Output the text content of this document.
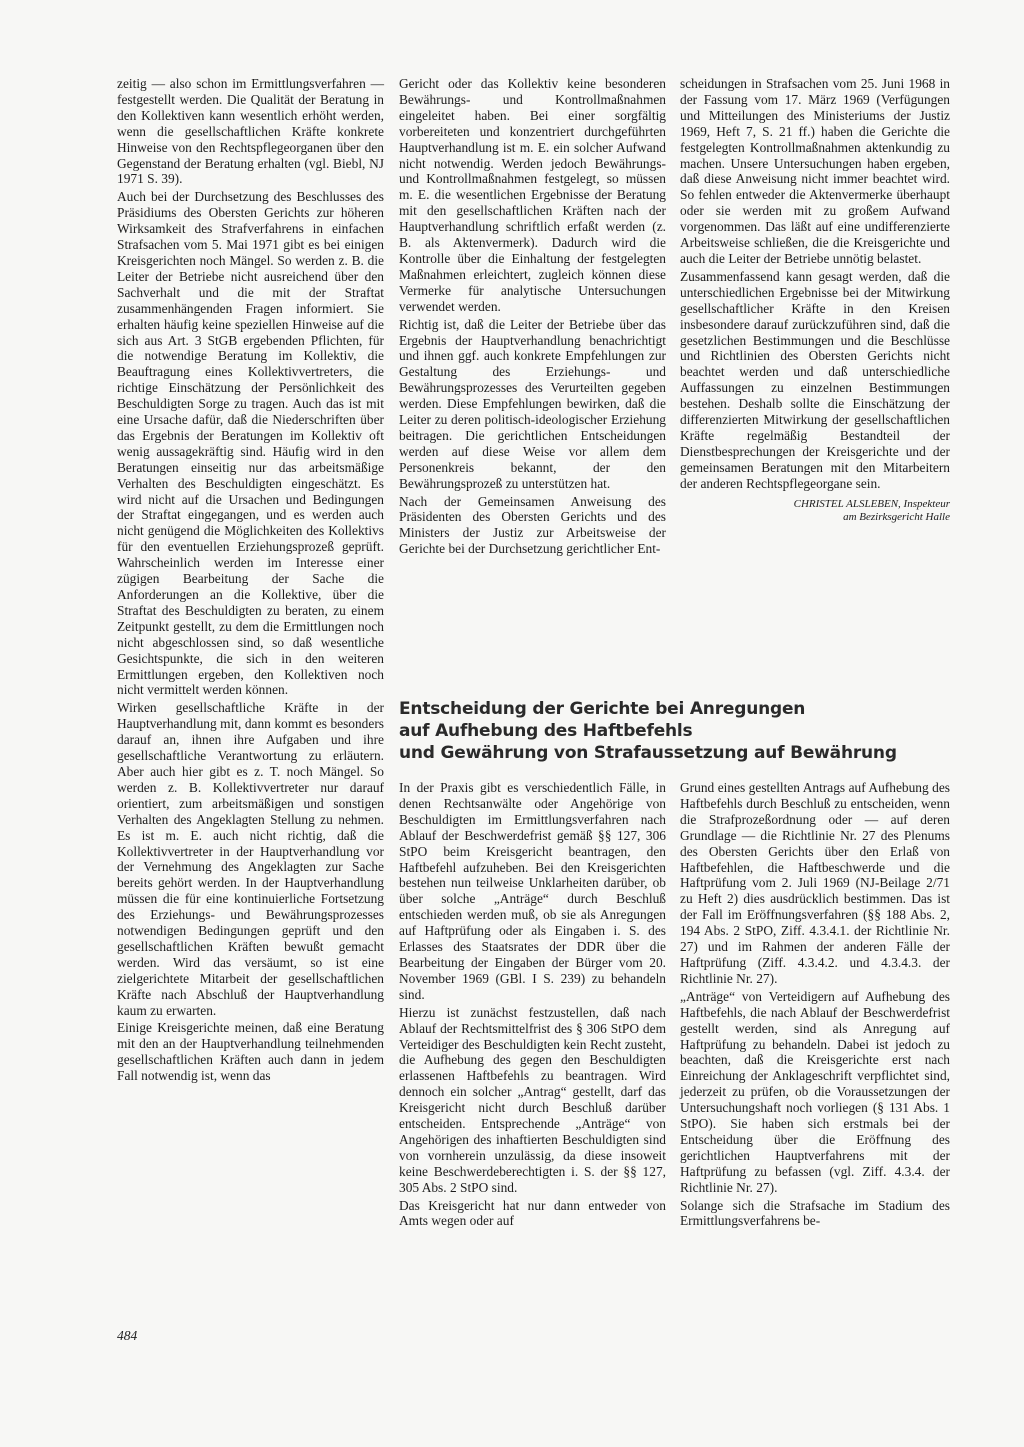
zeitig — also schon im Ermittlungsverfahren — festgestellt werden. Die Qualität der Beratung in den Kollektiven kann wesentlich erhöht werden, wenn die gesellschaftlichen Kräfte konkrete Hinweise von den Rechtspflegeorganen über den Gegenstand der Beratung erhalten (vgl. Biebl, NJ 1971 S. 39).

Auch bei der Durchsetzung des Beschlusses des Präsidiums des Obersten Gerichts zur höheren Wirksamkeit des Strafverfahrens in einfachen Strafsachen vom 5. Mai 1971 gibt es bei einigen Kreisgerichten noch Mängel. So werden z. B. die Leiter der Betriebe nicht ausreichend über den Sachverhalt und die mit der Straftat zusammenhängenden Fragen informiert. Sie erhalten häufig keine speziellen Hinweise auf die sich aus Art. 3 StGB ergebenden Pflichten, für die notwendige Beratung im Kollektiv, die Beauftragung eines Kollektivvertreters, die richtige Einschätzung der Persönlichkeit des Beschuldigten Sorge zu tragen. Auch das ist mit eine Ursache dafür, daß die Niederschriften über das Ergebnis der Beratungen im Kollektiv oft wenig aussagekräftig sind. Häufig wird in den Beratungen einseitig nur das arbeitsmäßige Verhalten des Beschuldigten eingeschätzt. Es wird nicht auf die Ursachen und Bedingungen der Straftat eingegangen, und es werden auch nicht genügend die Möglichkeiten des Kollektivs für den eventuellen Erziehungsprozeß geprüft. Wahrscheinlich werden im Interesse einer zügigen Bearbeitung der Sache die Anforderungen an die Kollektive, über die Straftat des Beschuldigten zu beraten, zu einem Zeitpunkt gestellt, zu dem die Ermittlungen noch nicht abgeschlossen sind, so daß wesentliche Gesichtspunkte, die sich in den weiteren Ermittlungen ergeben, den Kollektiven noch nicht vermittelt werden können.

Wirken gesellschaftliche Kräfte in der Hauptverhandlung mit, dann kommt es besonders darauf an, ihnen ihre Aufgaben und ihre gesellschaftliche Verantwortung zu erläutern. Aber auch hier gibt es z. T. noch Mängel. So werden z. B. Kollektivvertreter nur darauf orientiert, zum arbeitsmäßigen und sonstigen Verhalten des Angeklagten Stellung zu nehmen. Es ist m. E. auch nicht richtig, daß die Kollektivvertreter in der Hauptverhandlung vor der Vernehmung des Angeklagten zur Sache bereits gehört werden. In der Hauptverhandlung müssen die für eine kontinuierliche Fortsetzung des Erziehungs- und Bewährungsprozesses notwendigen Bedingungen geprüft und den gesellschaftlichen Kräften bewußt gemacht werden. Wird das versäumt, so ist eine zielgerichtete Mitarbeit der gesellschaftlichen Kräfte nach Abschluß der Hauptverhandlung kaum zu erwarten.

Einige Kreisgerichte meinen, daß eine Beratung mit den an der Hauptverhandlung teilnehmenden gesellschaftlichen Kräften auch dann in jedem Fall notwendig ist, wenn das

Gericht oder das Kollektiv keine besonderen Bewährungs- und Kontrollmaßnahmen eingeleitet haben. Bei einer sorgfältig vorbereiteten und konzentriert durchgeführten Hauptverhandlung ist m. E. ein solcher Aufwand nicht notwendig. Werden jedoch Bewährungs- und Kontrollmaßnahmen festgelegt, so müssen m. E. die wesentlichen Ergebnisse der Beratung mit den gesellschaftlichen Kräften nach der Hauptverhandlung schriftlich erfaßt werden (z. B. als Aktenvermerk). Dadurch wird die Kontrolle über die Einhaltung der festgelegten Maßnahmen erleichtert, zugleich können diese Vermerke für analytische Untersuchungen verwendet werden.

Richtig ist, daß die Leiter der Betriebe über das Ergebnis der Hauptverhandlung benachrichtigt und ihnen ggf. auch konkrete Empfehlungen zur Gestaltung des Erziehungs- und Bewährungsprozesses des Verurteilten gegeben werden. Diese Empfehlungen bewirken, daß die Leiter zu deren politisch-ideologischer Erziehung beitragen. Die gerichtlichen Entscheidungen werden auf diese Weise vor allem dem Personenkreis bekannt, der den Bewährungsprozeß zu unterstützen hat.

Nach der Gemeinsamen Anweisung des Präsidenten des Obersten Gerichts und des Ministers der Justiz zur Arbeitsweise der Gerichte bei der Durchsetzung gerichtlicher Ent-

scheidungen in Strafsachen vom 25. Juni 1968 in der Fassung vom 17. März 1969 (Verfügungen und Mitteilungen des Ministeriums der Justiz 1969, Heft 7, S. 21 ff.) haben die Gerichte die festgelegten Kontrollmaßnahmen aktenkundig zu machen. Unsere Untersuchungen haben ergeben, daß diese Anweisung nicht immer beachtet wird. So fehlen entweder die Aktenvermerke überhaupt oder sie werden mit zu großem Aufwand vorgenommen. Das läßt auf eine undifferenzierte Arbeitsweise schließen, die die Kreisgerichte und auch die Leiter der Betriebe unnötig belastet.

Zusammenfassend kann gesagt werden, daß die unterschiedlichen Ergebnisse bei der Mitwirkung gesellschaftlicher Kräfte in den Kreisen insbesondere darauf zurückzuführen sind, daß die gesetzlichen Bestimmungen und die Beschlüsse und Richtlinien des Obersten Gerichts nicht beachtet werden und daß unterschiedliche Auffassungen zu einzelnen Bestimmungen bestehen. Deshalb sollte die Einschätzung der differenzierten Mitwirkung der gesellschaftlichen Kräfte regelmäßig Bestandteil der Dienstbesprechungen der Kreisgerichte und der gemeinsamen Beratungen mit den Mitarbeitern der anderen Rechtspflegeorgane sein.

CHRISTEL ALSLEBEN, Inspekteur
am Bezirksgericht Halle

Entscheidung der Gerichte bei Anregungen
auf Aufhebung des Haftbefehls
und Gewährung von Strafaussetzung auf Bewährung

In der Praxis gibt es verschiedentlich Fälle, in denen Rechtsanwälte oder Angehörige von Beschuldigten im Ermittlungsverfahren nach Ablauf der Beschwerdefrist gemäß §§ 127, 306 StPO beim Kreisgericht beantragen, den Haftbefehl aufzuheben. Bei den Kreisgerichten bestehen nun teilweise Unklarheiten darüber, ob über solche „Anträge“ durch Beschluß entschieden werden muß, ob sie als Anregungen auf Haftprüfung oder als Eingaben i. S. des Erlasses des Staatsrates der DDR über die Bearbeitung der Eingaben der Bürger vom 20. November 1969 (GBl. I S. 239) zu behandeln sind.

Hierzu ist zunächst festzustellen, daß nach Ablauf der Rechtsmittelfrist des § 306 StPO dem Verteidiger des Beschuldigten kein Recht zusteht, die Aufhebung des gegen den Beschuldigten erlassenen Haftbefehls zu beantragen. Wird dennoch ein solcher „Antrag“ gestellt, darf das Kreisgericht nicht durch Beschluß darüber entscheiden. Entsprechende „Anträge“ von Angehörigen des inhaftierten Beschuldigten sind von vornherein unzulässig, da diese insoweit keine Beschwerdeberechtigten i. S. der §§ 127, 305 Abs. 2 StPO sind.

Das Kreisgericht hat nur dann entweder von Amts wegen oder auf

Grund eines gestellten Antrags auf Aufhebung des Haftbefehls durch Beschluß zu entscheiden, wenn die Strafprozeßordnung oder — auf deren Grundlage — die Richtlinie Nr. 27 des Plenums des Obersten Gerichts über den Erlaß von Haftbefehlen, die Haftbeschwerde und die Haftprüfung vom 2. Juli 1969 (NJ-Beilage 2/71 zu Heft 2) dies ausdrücklich bestimmen. Das ist der Fall im Eröffnungsverfahren (§§ 188 Abs. 2, 194 Abs. 2 StPO, Ziff. 4.3.4.1. der Richtlinie Nr. 27) und im Rahmen der anderen Fälle der Haftprüfung (Ziff. 4.3.4.2. und 4.3.4.3. der Richtlinie Nr. 27).

„Anträge“ von Verteidigern auf Aufhebung des Haftbefehls, die nach Ablauf der Beschwerdefrist gestellt werden, sind als Anregung auf Haftprüfung zu behandeln. Dabei ist jedoch zu beachten, daß die Kreisgerichte erst nach Einreichung der Anklageschrift verpflichtet sind, jederzeit zu prüfen, ob die Voraussetzungen der Untersuchungshaft noch vorliegen (§ 131 Abs. 1 StPO). Sie haben sich erstmals bei der Entscheidung über die Eröffnung des gerichtlichen Hauptverfahrens mit der Haftprüfung zu befassen (vgl. Ziff. 4.3.4. der Richtlinie Nr. 27).

Solange sich die Strafsache im Stadium des Ermittlungsverfahrens be-

484
